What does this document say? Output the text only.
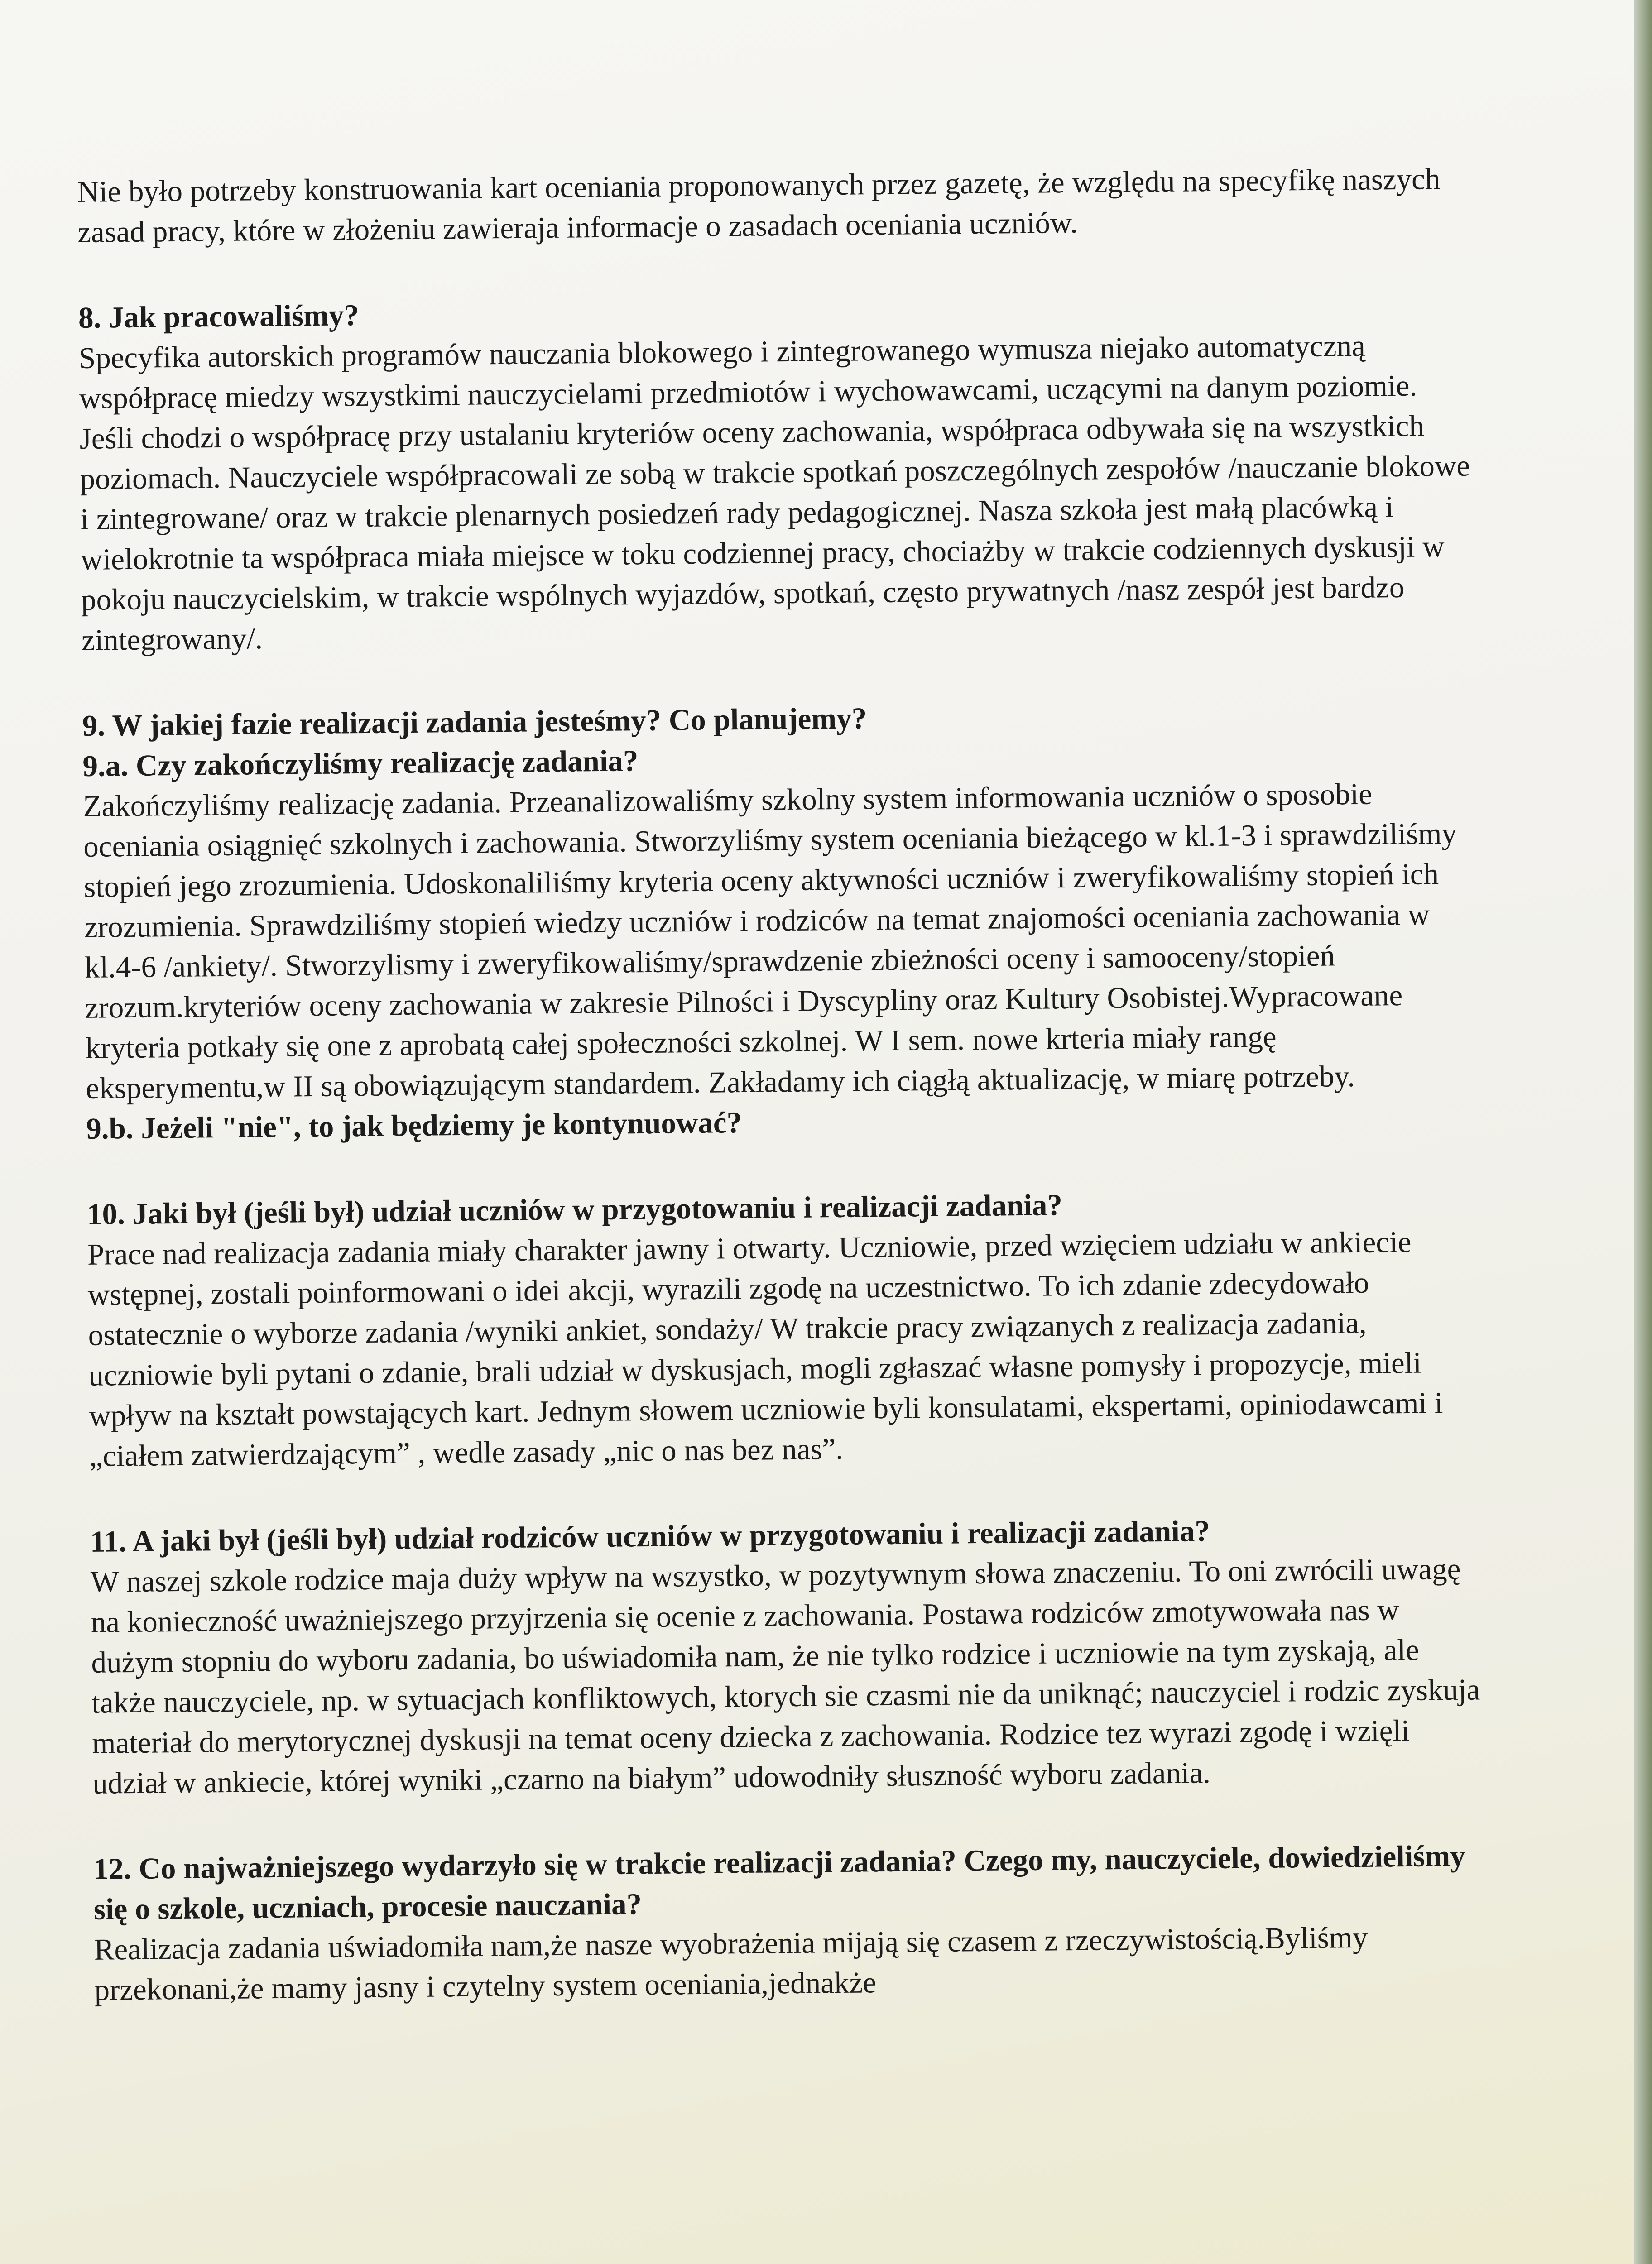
Nie było potrzeby konstruowania kart oceniania proponowanych przez gazetę, że względu na specyfikę naszych zasad pracy, które w złożeniu zawieraja informacje o zasadach oceniania uczniów.

8. Jak pracowaliśmy?

Specyfika autorskich programów nauczania blokowego i zintegrowanego wymusza niejako automatyczną współpracę miedzy wszystkimi nauczycielami przedmiotów i wychowawcami, uczącymi na danym poziomie. Jeśli chodzi o współpracę przy ustalaniu kryteriów oceny zachowania, współpraca odbywała się na wszystkich poziomach. Nauczyciele współpracowali ze sobą w trakcie spotkań poszczególnych zespołów /nauczanie blokowe i zintegrowane/ oraz w trakcie plenarnych posiedzeń rady pedagogicznej. Nasza szkoła jest małą placówką i wielokrotnie ta współpraca miała miejsce w toku codziennej pracy, chociażby w trakcie codziennych dyskusji w pokoju nauczycielskim, w trakcie wspólnych wyjazdów, spotkań, często prywatnych /nasz zespół jest bardzo zintegrowany/.

9. W jakiej fazie realizacji zadania jesteśmy? Co planujemy?

9.a. Czy zakończyliśmy realizację zadania?

Zakończyliśmy realizację zadania. Przeanalizowaliśmy szkolny system informowania uczniów o sposobie oceniania osiągnięć szkolnych i zachowania. Stworzyliśmy system oceniania bieżącego w kl.1-3 i sprawdziliśmy stopień jego zrozumienia. Udoskonaliliśmy kryteria oceny aktywności uczniów i zweryfikowaliśmy stopień ich zrozumienia. Sprawdziliśmy stopień wiedzy uczniów i rodziców na temat znajomości oceniania zachowania w kl.4-6 /ankiety/. Stworzylismy i zweryfikowaliśmy/sprawdzenie zbieżności oceny i samooceny/stopień zrozum.kryteriów oceny zachowania w zakresie Pilności i Dyscypliny oraz Kultury Osobistej.Wypracowane kryteria potkały się one z aprobatą całej społeczności szkolnej. W I sem. nowe krteria miały rangę eksperymentu,w II są obowiązującym standardem. Zakładamy ich ciągłą aktualizację, w miarę potrzeby.

9.b. Jeżeli "nie", to jak będziemy je kontynuować?

10. Jaki był (jeśli był) udział uczniów w przygotowaniu i realizacji zadania?

Prace nad realizacja zadania miały charakter jawny i otwarty. Uczniowie, przed wzięciem udziału w ankiecie wstępnej, zostali poinformowani o idei akcji, wyrazili zgodę na uczestnictwo. To ich zdanie zdecydowało ostatecznie o wyborze zadania /wyniki ankiet, sondaży/ W trakcie pracy związanych z realizacja zadania, uczniowie byli pytani o zdanie, brali udział w dyskusjach, mogli zgłaszać własne pomysły i propozycje, mieli wpływ na kształt powstających kart. Jednym słowem uczniowie byli konsulatami, ekspertami, opiniodawcami i „ciałem zatwierdzającym” , wedle zasady „nic o nas bez nas”.

11. A jaki był (jeśli był) udział rodziców uczniów w przygotowaniu i realizacji zadania?

W naszej szkole rodzice maja duży wpływ na wszystko, w pozytywnym słowa znaczeniu. To oni zwrócili uwagę na konieczność uważniejszego przyjrzenia się ocenie z zachowania. Postawa rodziców zmotywowała nas w dużym stopniu do wyboru zadania, bo uświadomiła nam, że nie tylko rodzice i uczniowie na tym zyskają, ale także nauczyciele, np. w sytuacjach konfliktowych, ktorych sie czasmi nie da uniknąć; nauczyciel i rodzic zyskuja materiał do merytorycznej dyskusji na temat oceny dziecka z zachowania. Rodzice tez wyrazi zgodę i wzięli udział w ankiecie, której wyniki „czarno na białym” udowodniły słuszność wyboru zadania.

12. Co najważniejszego wydarzyło się w trakcie realizacji zadania? Czego my, nauczyciele, dowiedzieliśmy się o szkole, uczniach, procesie nauczania?

Realizacja zadania uświadomiła nam,że nasze wyobrażenia mijają się czasem z rzeczywistością.Byliśmy przekonani,że mamy jasny i czytelny system oceniania,jednakże
